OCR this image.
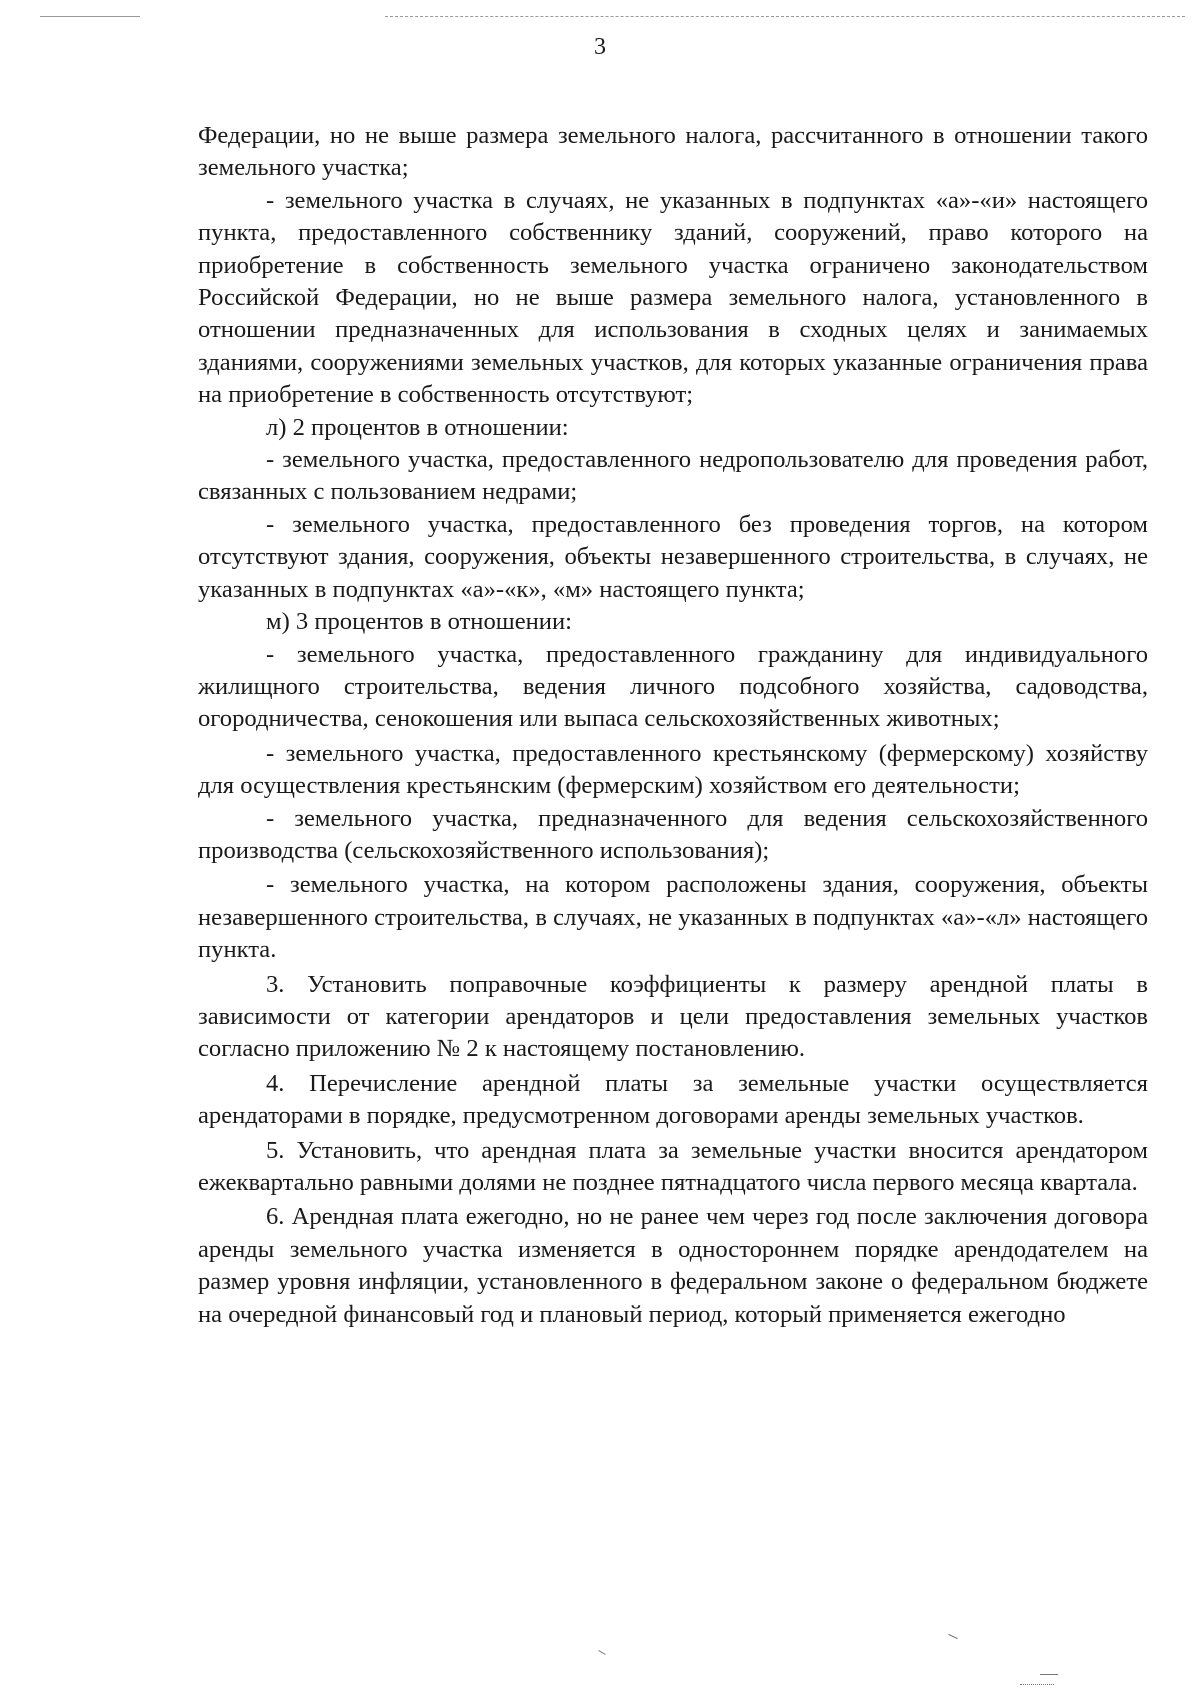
3

Федерации, но не выше размера земельного налога, рассчитанного в отношении такого земельного участка;

- земельного участка в случаях, не указанных в подпунктах «а»-«и» настоящего пункта, предоставленного собственнику зданий, сооружений, право которого на приобретение в собственность земельного участка ограничено законодательством Российской Федерации, но не выше размера земельного налога, установленного в отношении предназначенных для использования в сходных целях и занимаемых зданиями, сооружениями земельных участков, для которых указанные ограничения права на приобретение в собственность отсутствуют;

л) 2 процентов в отношении:

- земельного участка, предоставленного недропользователю для проведения работ, связанных с пользованием недрами;

- земельного участка, предоставленного без проведения торгов, на котором отсутствуют здания, сооружения, объекты незавершенного строительства, в случаях, не указанных в подпунктах «а»-«к», «м» настоящего пункта;

м) 3 процентов в отношении:

- земельного участка, предоставленного гражданину для индивидуального жилищного строительства, ведения личного подсобного хозяйства, садоводства, огородничества, сенокошения или выпаса сельскохозяйственных животных;

- земельного участка, предоставленного крестьянскому (фермерскому) хозяйству для осуществления крестьянским (фермерским) хозяйством его деятельности;

- земельного участка, предназначенного для ведения сельскохозяйственного производства (сельскохозяйственного использования);

- земельного участка, на котором расположены здания, сооружения, объекты незавершенного строительства, в случаях, не указанных в подпунктах «а»-«л» настоящего пункта.

3. Установить поправочные коэффициенты к размеру арендной платы в зависимости от категории арендаторов и цели предоставления земельных участков согласно приложению № 2 к настоящему постановлению.

4. Перечисление арендной платы за земельные участки осуществляется арендаторами в порядке, предусмотренном договорами аренды земельных участков.

5. Установить, что арендная плата за земельные участки вносится арендатором ежеквартально равными долями не позднее пятнадцатого числа первого месяца квартала.

6. Арендная плата ежегодно, но не ранее чем через год после заключения договора аренды земельного участка изменяется в одностороннем порядке арендодателем на размер уровня инфляции, установленного в федеральном законе о федеральном бюджете на очередной финансовый год и плановый период, который применяется ежегодно
